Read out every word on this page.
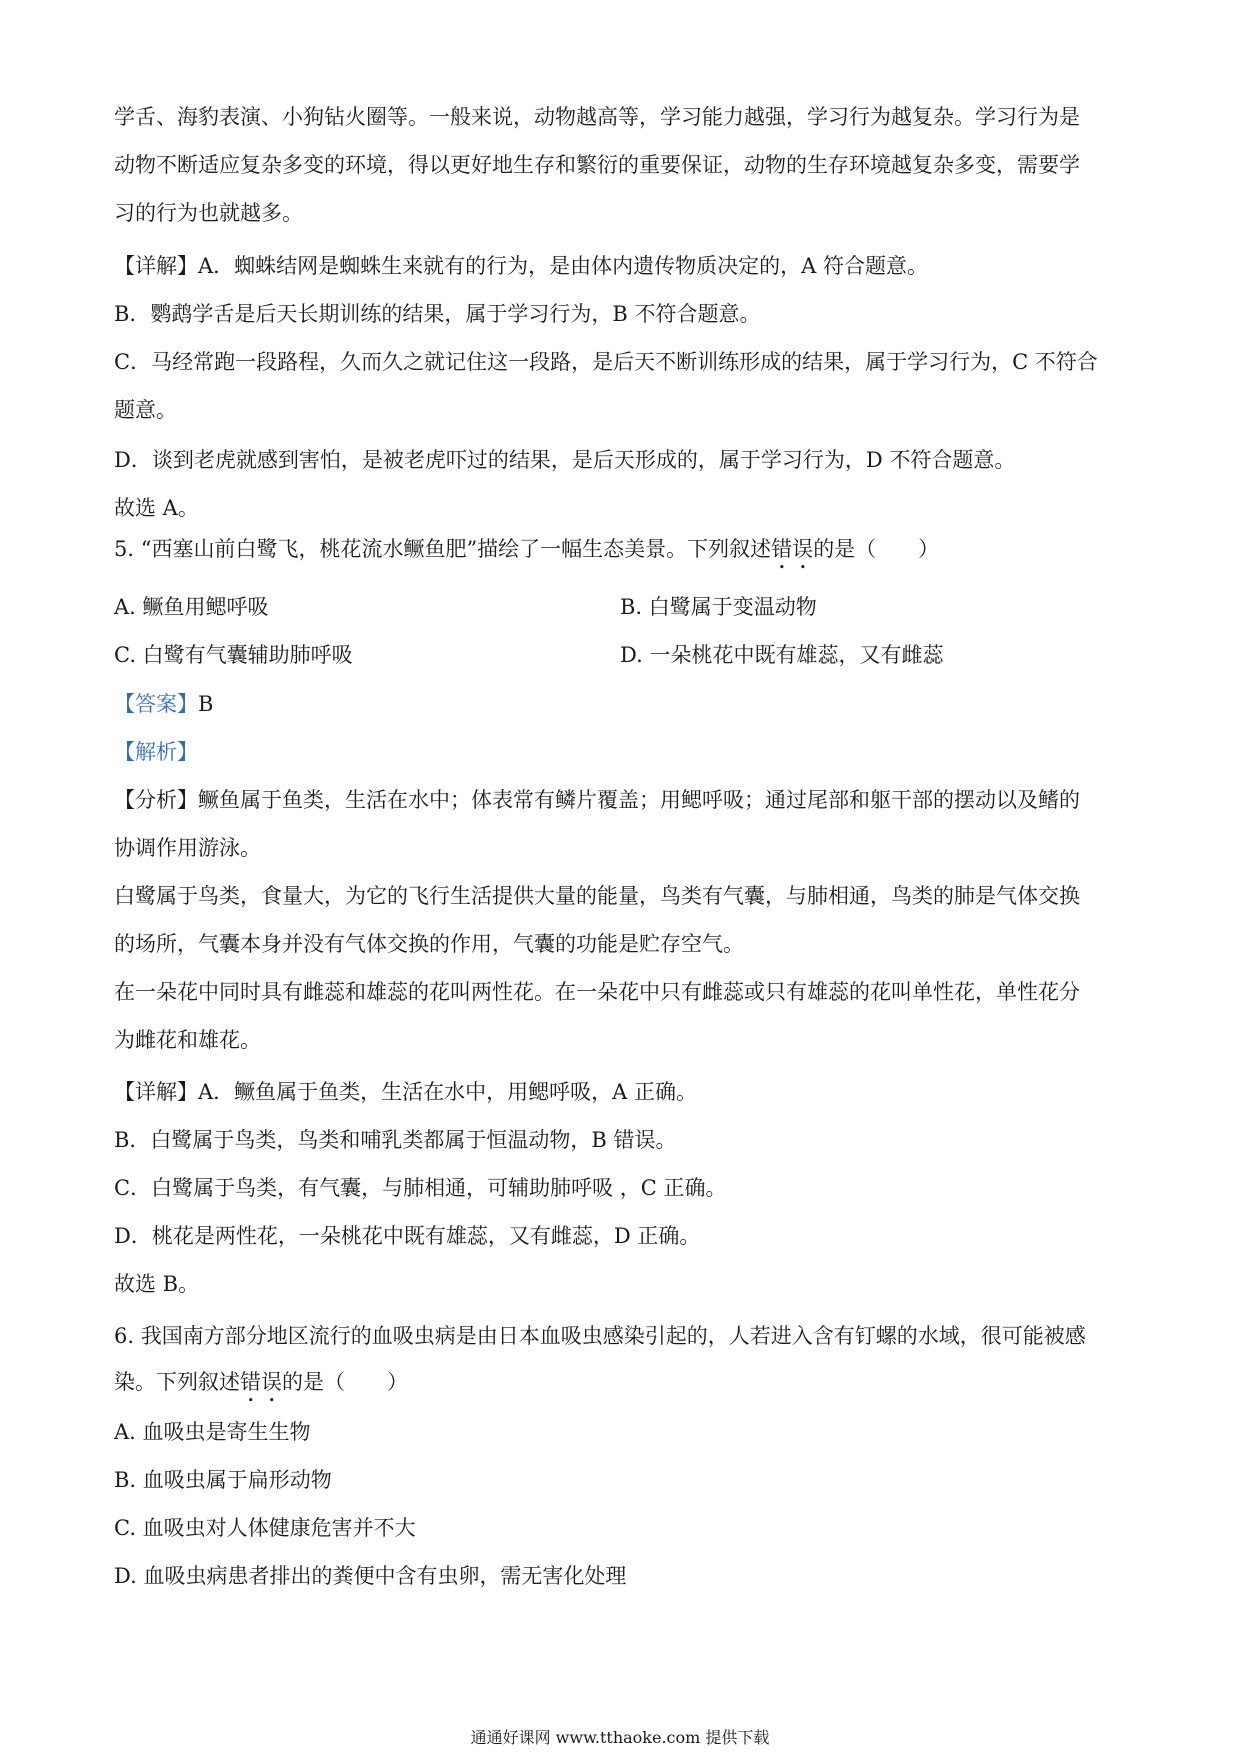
学舌、海豹表演、小狗钻火圈等。一般来说，动物越高等，学习能力越强，学习行为越复杂。学习行为是
动物不断适应复杂多变的环境，得以更好地生存和繁衍的重要保证，动物的生存环境越复杂多变，需要学
习的行为也就越多。
【详解】A．蜘蛛结网是蜘蛛生来就有的行为，是由体内遗传物质决定的，A 符合题意。
B．鹦鹉学舌是后天长期训练的结果，属于学习行为，B 不符合题意。
C．马经常跑一段路程，久而久之就记住这一段路，是后天不断训练形成的结果，属于学习行为，C 不符合
题意。
D．谈到老虎就感到害怕，是被老虎吓过的结果，是后天形成的，属于学习行为，D 不符合题意。
故选 A。
5. “西塞山前白鹭飞，桃花流水鳜鱼肥”描绘了一幅生态美景。下列叙述错误的是（　　）
A. 鳜鱼用鳃呼吸	B. 白鹭属于变温动物
C. 白鹭有气囊辅助肺呼吸	D. 一朵桃花中既有雄蕊，又有雌蕊
【答案】B
【解析】
【分析】鳜鱼属于鱼类，生活在水中；体表常有鳞片覆盖；用鳃呼吸；通过尾部和躯干部的摆动以及鳍的
协调作用游泳。
白鹭属于鸟类，食量大，为它的飞行生活提供大量的能量，鸟类有气囊，与肺相通，鸟类的肺是气体交换
的场所，气囊本身并没有气体交换的作用，气囊的功能是贮存空气。
在一朵花中同时具有雌蕊和雄蕊的花叫两性花。在一朵花中只有雌蕊或只有雄蕊的花叫单性花，单性花分
为雌花和雄花。
【详解】A．鳜鱼属于鱼类，生活在水中，用鳃呼吸，A 正确。
B．白鹭属于鸟类，鸟类和哺乳类都属于恒温动物，B 错误。
C．白鹭属于鸟类，有气囊，与肺相通，可辅助肺呼吸 ，C 正确。
D．桃花是两性花，一朵桃花中既有雄蕊，又有雌蕊，D 正确。
故选 B。
6. 我国南方部分地区流行的血吸虫病是由日本血吸虫感染引起的，人若进入含有钉螺的水域，很可能被感
染。下列叙述错误的是（　　）
A. 血吸虫是寄生生物
B. 血吸虫属于扁形动物
C. 血吸虫对人体健康危害并不大
D. 血吸虫病患者排出的粪便中含有虫卵，需无害化处理
通通好课网 www.tthaoke.com 提供下载
